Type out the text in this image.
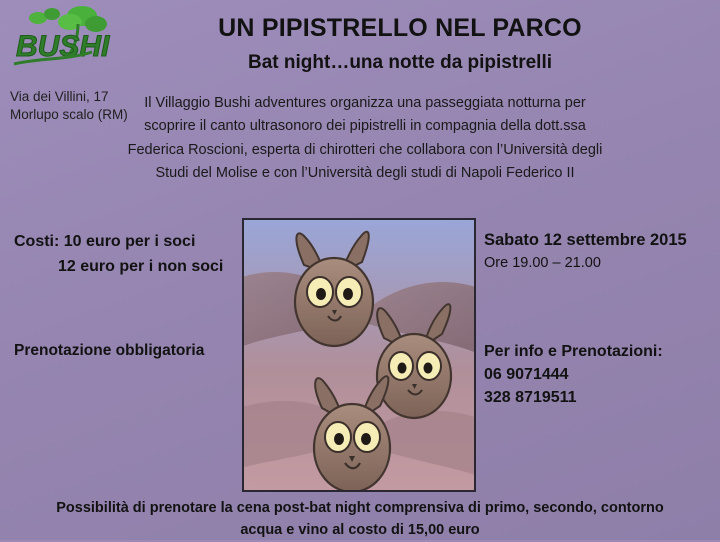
BUSHI
Via dei Villini, 17
Morlupo scalo (RM)
UN PIPISTRELLO NEL PARCO
Bat night…una notte da pipistrelli
Il Villaggio Bushi adventures organizza una passeggiata notturna per scoprire il canto ultrasonoro dei pipistrelli in compagnia della dott.ssa Federica Roscioni, esperta di chirotteri che collabora con l’Università degli Studi del Molise e con l’Università degli studi di Napoli Federico II
Costi: 10 euro per i soci
12 euro per i non soci
Prenotazione obbligatoria
Sabato 12 settembre 2015
Ore 19.00 – 21.00
Per info e Prenotazioni:
06 9071444
328 8719511
Possibilità di prenotare la cena post-bat night comprensiva di primo, secondo, contorno acqua e vino al costo di 15,00 euro
